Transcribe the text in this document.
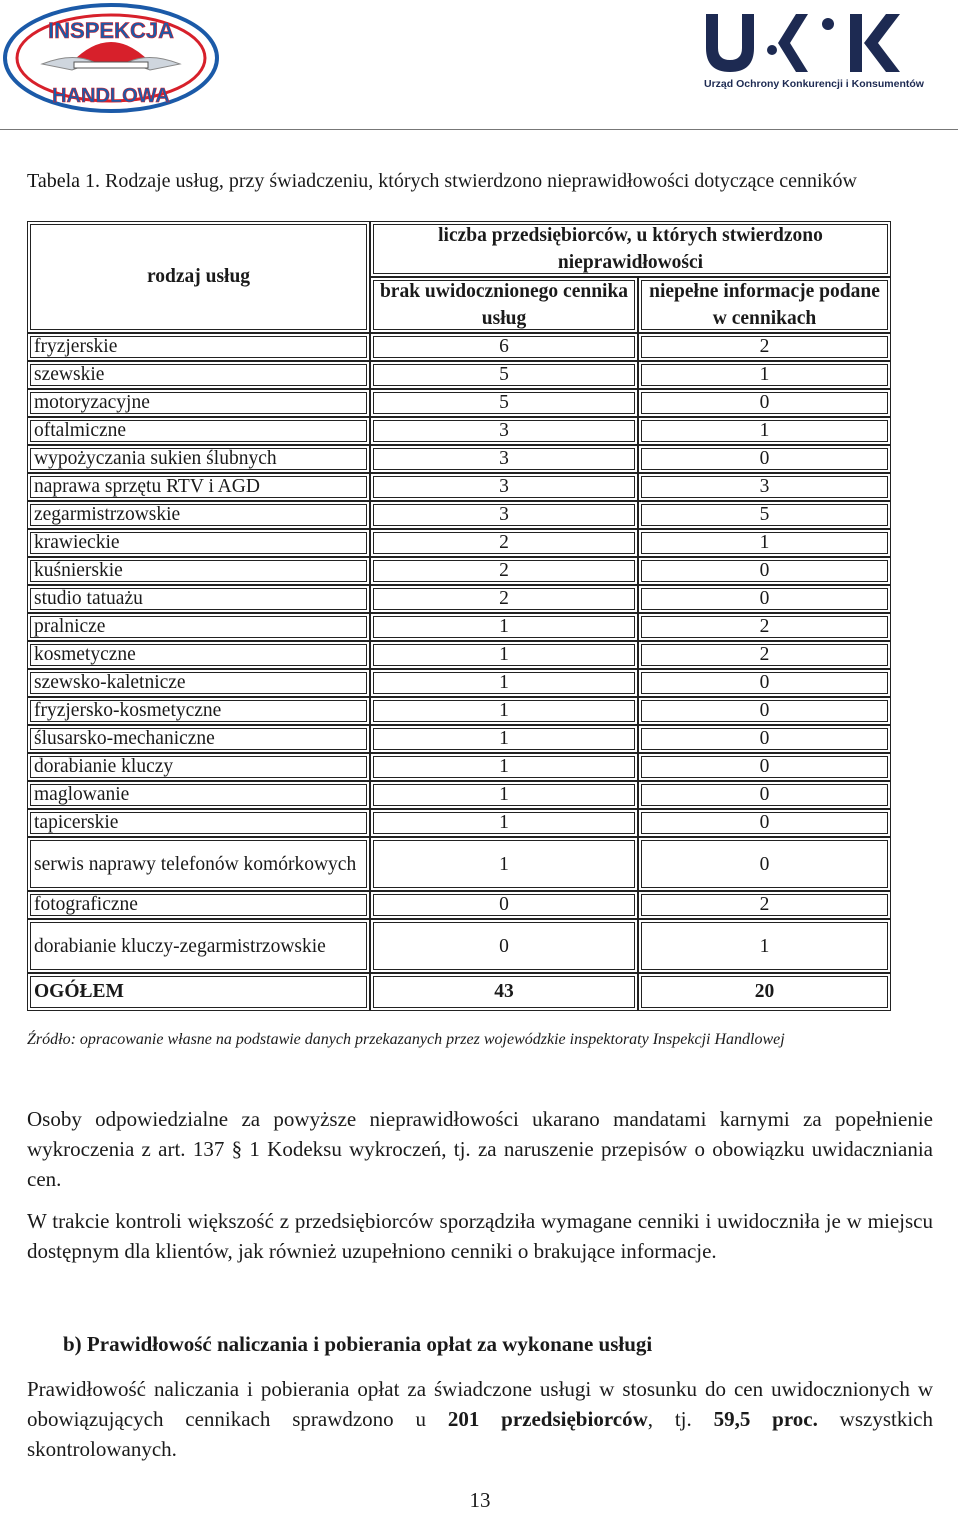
INSPEKCJA
HANDLOWA
Urząd Ochrony Konkurencji i Konsumentów
Tabela 1. Rodzaje usług, przy świadczeniu, których stwierdzono nieprawidłowości dotyczące cenników
rodzaj usług	liczba przedsiębiorców, u których stwierdzono nieprawidłowości	
	brak uwidocznionego cennika usług	niepełne informacje podane w cennikach
fryzjerskie	6	2
szewskie	5	1
motoryzacyjne	5	0
oftalmiczne	3	1
wypożyczania sukien ślubnych	3	0
naprawa sprzętu RTV i AGD	3	3
zegarmistrzowskie	3	5
krawieckie	2	1
kuśnierskie	2	0
studio tatuażu	2	0
pralnicze	1	2
kosmetyczne	1	2
szewsko-kaletnicze	1	0
fryzjersko-kosmetyczne	1	0
ślusarsko-mechaniczne	1	0
dorabianie kluczy	1	0
maglowanie	1	0
tapicerskie	1	0
serwis naprawy telefonów komórkowych	1	0
fotograficzne	0	2
dorabianie kluczy-zegarmistrzowskie	0	1
OGÓŁEM	43	20
Źródło: opracowanie własne na podstawie danych przekazanych przez wojewódzkie inspektoraty Inspekcji Handlowej
Osoby odpowiedzialne za powyższe nieprawidłowości ukarano mandatami karnymi za popełnienie wykroczenia z art. 137 § 1 Kodeksu wykroczeń, tj. za naruszenie przepisów o obowiązku uwidaczniania cen.
W trakcie kontroli większość z przedsiębiorców sporządziła wymagane cenniki i uwidoczniła je w miejscu dostępnym dla klientów, jak również uzupełniono cenniki o brakujące informacje.
b) Prawidłowość naliczania i pobierania opłat za wykonane usługi
Prawidłowość naliczania i pobierania opłat za świadczone usługi w stosunku do cen uwidocznionych w obowiązujących cennikach sprawdzono u 201 przedsiębiorców, tj. 59,5 proc. wszystkich skontrolowanych.
13
